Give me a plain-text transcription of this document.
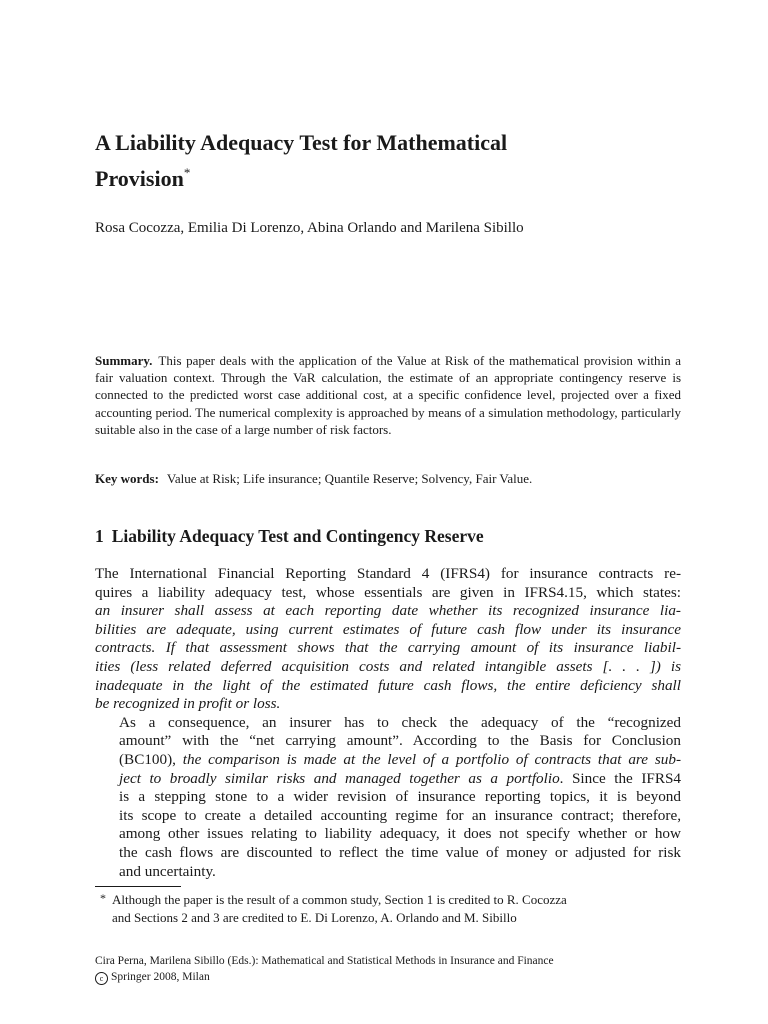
A Liability Adequacy Test for Mathematical
Provision*
Rosa Cocozza, Emilia Di Lorenzo, Abina Orlando and Marilena Sibillo

Summary. This paper deals with the application of the Value at Risk of the mathematical provision within a fair valuation context. Through the VaR calculation, the estimate of an appropriate contingency reserve is connected to the predicted worst case additional cost, at a specific confidence level, projected over a fixed accounting period. The numerical complexity is approached by means of a simulation methodology, particularly suitable also in the case of a large number of risk factors.

Key words: Value at Risk; Life insurance; Quantile Reserve; Solvency, Fair Value.
1 Liability Adequacy Test and Contingency Reserve

The International Financial Reporting Standard 4 (IFRS4) for insurance contracts re-
quires a liability adequacy test, whose essentials are given in IFRS4.15, which states:
an insurer shall assess at each reporting date whether its recognized insurance lia-
bilities are adequate, using current estimates of future cash flow under its insurance
contracts. If that assessment shows that the carrying amount of its insurance liabil-
ities (less related deferred acquisition costs and related intangible assets [. . . ]) is
inadequate in the light of the estimated future cash flows, the entire deficiency shall
be recognized in profit or loss.

As a consequence, an insurer has to check the adequacy of the “recognized
amount” with the “net carrying amount”. According to the Basis for Conclusion
(BC100), the comparison is made at the level of a portfolio of contracts that are sub-
ject to broadly similar risks and managed together as a portfolio. Since the IFRS4
is a stepping stone to a wider revision of insurance reporting topics, it is beyond
its scope to create a detailed accounting regime for an insurance contract; therefore,
among other issues relating to liability adequacy, it does not specify whether or how
the cash flows are discounted to reflect the time value of money or adjusted for risk
and uncertainty.

* Although the paper is the result of a common study, Section 1 is credited to R. Cocozza
and Sections 2 and 3 are credited to E. Di Lorenzo, A. Orlando and M. Sibillo
Cira Perna, Marilena Sibillo (Eds.): Mathematical and Statistical Methods in Insurance and Finance
c Springer 2008, Milan
